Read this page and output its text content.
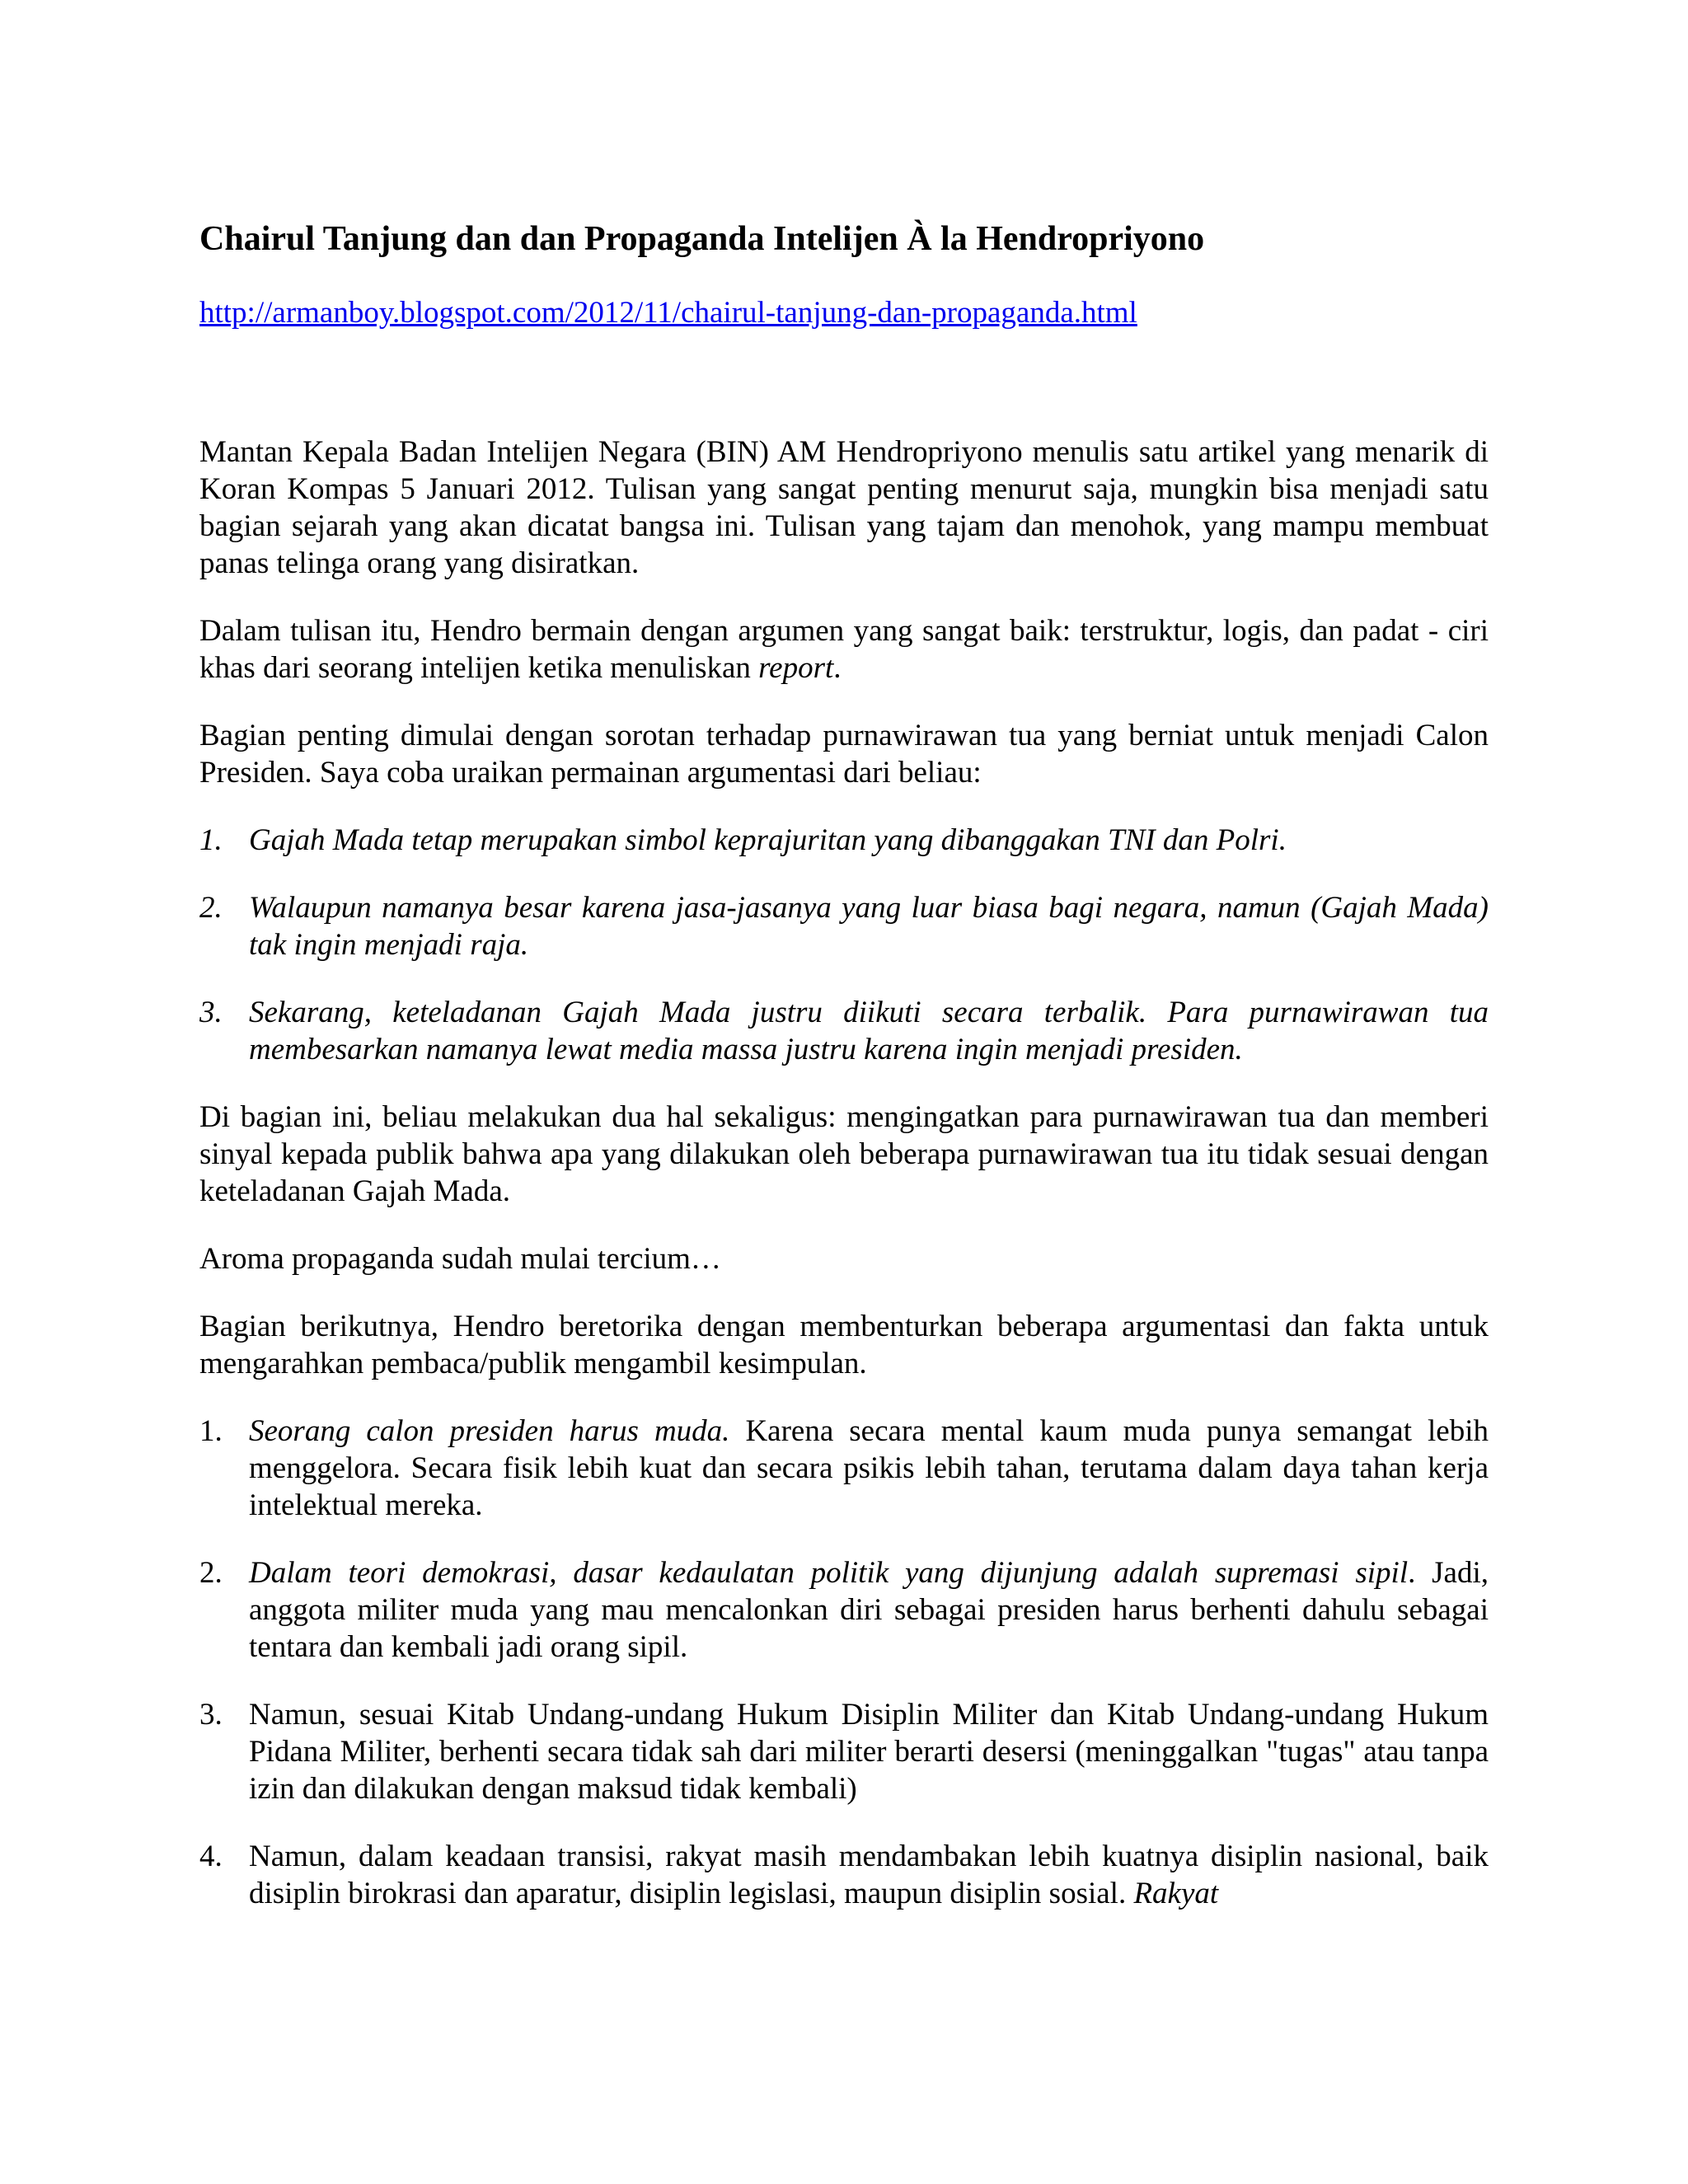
Chairul Tanjung dan dan Propaganda Intelijen À la Hendropriyono
http://armanboy.blogspot.com/2012/11/chairul-tanjung-dan-propaganda.html

Mantan Kepala Badan Intelijen Negara (BIN) AM Hendropriyono menulis satu artikel yang menarik di Koran Kompas 5 Januari 2012. Tulisan yang sangat penting menurut saja, mungkin bisa menjadi satu bagian sejarah yang akan dicatat bangsa ini. Tulisan yang tajam dan menohok, yang mampu membuat panas telinga orang yang disiratkan.

Dalam tulisan itu, Hendro bermain dengan argumen yang sangat baik: terstruktur, logis, dan padat - ciri khas dari seorang intelijen ketika menuliskan report.

Bagian penting dimulai dengan sorotan terhadap purnawirawan tua yang berniat untuk menjadi Calon Presiden. Saya coba uraikan permainan argumentasi dari beliau:

1. Gajah Mada tetap merupakan simbol keprajuritan yang dibanggakan TNI dan Polri.
2. Walaupun namanya besar karena jasa-jasanya yang luar biasa bagi negara, namun (Gajah Mada) tak ingin menjadi raja.
3. Sekarang, keteladanan Gajah Mada justru diikuti secara terbalik. Para purnawirawan tua membesarkan namanya lewat media massa justru karena ingin menjadi presiden.

Di bagian ini, beliau melakukan dua hal sekaligus: mengingatkan para purnawirawan tua dan memberi sinyal kepada publik bahwa apa yang dilakukan oleh beberapa purnawirawan tua itu tidak sesuai dengan keteladanan Gajah Mada.

Aroma propaganda sudah mulai tercium…

Bagian berikutnya, Hendro beretorika dengan membenturkan beberapa argumentasi dan fakta untuk mengarahkan pembaca/publik mengambil kesimpulan.

1. Seorang calon presiden harus muda. Karena secara mental kaum muda punya semangat lebih menggelora. Secara fisik lebih kuat dan secara psikis lebih tahan, terutama dalam daya tahan kerja intelektual mereka.
2. Dalam teori demokrasi, dasar kedaulatan politik yang dijunjung adalah supremasi sipil. Jadi, anggota militer muda yang mau mencalonkan diri sebagai presiden harus berhenti dahulu sebagai tentara dan kembali jadi orang sipil.
3. Namun, sesuai Kitab Undang-undang Hukum Disiplin Militer dan Kitab Undang-undang Hukum Pidana Militer, berhenti secara tidak sah dari militer berarti desersi (meninggalkan "tugas" atau tanpa izin dan dilakukan dengan maksud tidak kembali)
4. Namun, dalam keadaan transisi, rakyat masih mendambakan lebih kuatnya disiplin nasional, baik disiplin birokrasi dan aparatur, disiplin legislasi, maupun disiplin sosial. Rakyat
